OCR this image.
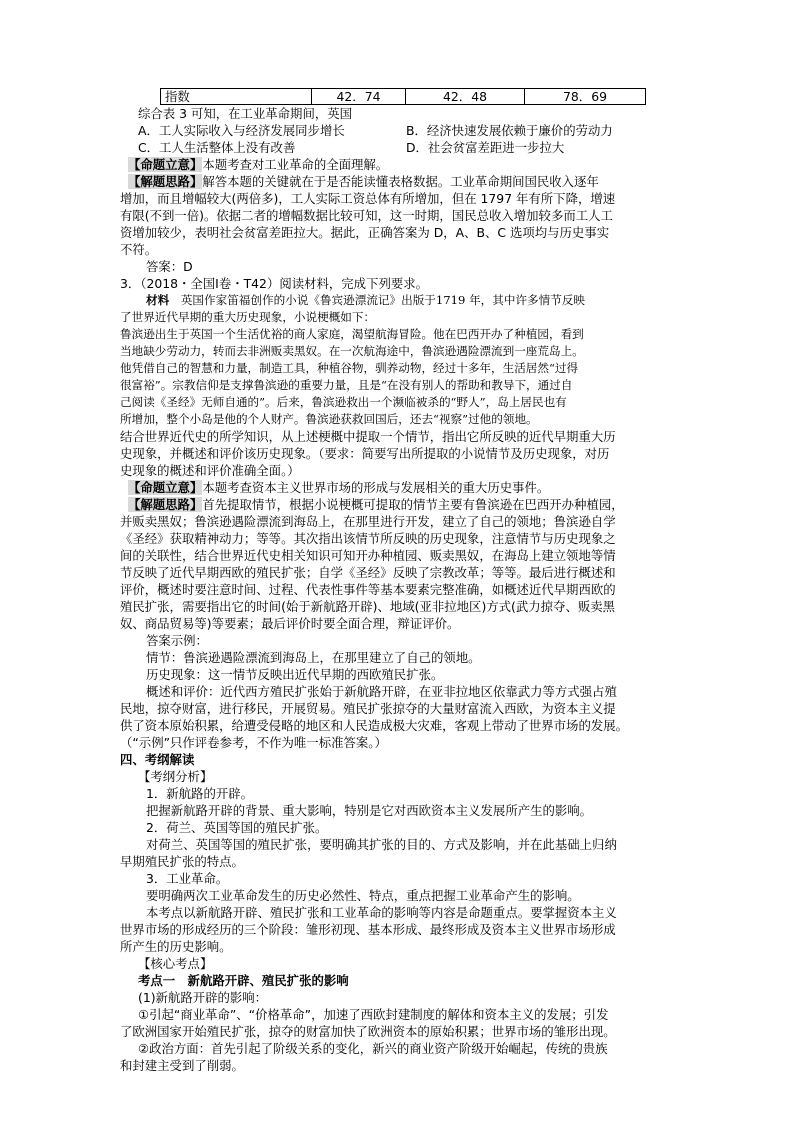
指数	42．74	42．48	78．69
综合表 3 可知，在工业革命期间，英国
A．工人实际收入与经济发展同步增长	B．经济快速发展依赖于廉价的劳动力
C．工人生活整体上没有改善	D．社会贫富差距进一步拉大
【命题立意】本题考查对工业革命的全面理解。
【解题思路】解答本题的关键就在于是否能读懂表格数据。工业革命期间国民收入逐年
增加，而且增幅较大(两倍多)，工人实际工资总体有所增加，但在 1797 年有所下降，增速
有限(不到一倍)。依据二者的增幅数据比较可知，这一时期，国民总收入增加较多而工人工
资增加较少，表明社会贫富差距拉大。据此，正确答案为 D，A、B、C 选项均与历史事实
不符。
答案：D
3．（2018・全国Ⅰ卷・T42）阅读材料，完成下列要求。
材料　 英国作家笛福创作的小说《鲁宾逊漂流记》出版于1719 年，其中许多情节反映
了世界近代早期的重大历史现象，小说梗概如下：
鲁滨逊出生于英国一个生活优裕的商人家庭，渴望航海冒险。他在巴西开办了种植园，看到
当地缺少劳动力，转而去非洲贩卖黑奴。在一次航海途中，鲁滨逊遇险漂流到一座荒岛上。
他凭借自己的智慧和力量，制造工具，种植谷物，驯养动物，经过十多年，生活居然“过得
很富裕”。宗教信仰是支撑鲁滨逊的重要力量，且是“在没有别人的帮助和教导下，通过自
己阅读《圣经》无师自通的”。后来，鲁滨逊救出一个濒临被杀的“野人”，岛上居民也有
所增加，整个小岛是他的个人财产。鲁滨逊获救回国后，还去“视察”过他的领地。
结合世界近代史的所学知识，从上述梗概中提取一个情节，指出它所反映的近代早期重大历
史现象，并概述和评价该历史现象。（要求：简要写出所提取的小说情节及历史现象，对历
史现象的概述和评价准确全面。）
【命题立意】本题考查资本主义世界市场的形成与发展相关的重大历史事件。
【解题思路】首先提取情节，根据小说梗概可提取的情节主要有鲁滨逊在巴西开办种植园，
并贩卖黑奴；鲁滨逊遇险漂流到海岛上，在那里进行开发，建立了自己的领地；鲁滨逊自学
《圣经》获取精神动力；等等。其次指出该情节所反映的历史现象，注意情节与历史现象之
间的关联性，结合世界近代史相关知识可知开办种植园、贩卖黑奴，在海岛上建立领地等情
节反映了近代早期西欧的殖民扩张；自学《圣经》反映了宗教改革；等等。最后进行概述和
评价，概述时要注意时间、过程、代表性事件等基本要素完整准确，如概述近代早期西欧的
殖民扩张，需要指出它的时间(始于新航路开辟)、地域(亚非拉地区)方式(武力掠夺、贩卖黑
奴、商品贸易等)等要素；最后评价时要全面合理，辩证评价。
答案示例：
情节：鲁滨逊遇险漂流到海岛上，在那里建立了自己的领地。
历史现象：这一情节反映出近代早期的西欧殖民扩张。
概述和评价：近代西方殖民扩张始于新航路开辟，在亚非拉地区依靠武力等方式强占殖
民地，掠夺财富，进行移民，开展贸易。殖民扩张掠夺的大量财富流入西欧，为资本主义提
供了资本原始积累，给遭受侵略的地区和人民造成极大灾难，客观上带动了世界市场的发展。
（“示例”只作评卷参考，不作为唯一标准答案。）
四、考纲解读
【考纲分析】
1．新航路的开辟。
把握新航路开辟的背景、重大影响，特别是它对西欧资本主义发展所产生的影响。
2．荷兰、英国等国的殖民扩张。
对荷兰、英国等国的殖民扩张，要明确其扩张的目的、方式及影响，并在此基础上归纳
早期殖民扩张的特点。
3．工业革命。
要明确两次工业革命发生的历史必然性、特点，重点把握工业革命产生的影响。
本考点以新航路开辟、殖民扩张和工业革命的影响等内容是命题重点。要掌握资本主义
世界市场的形成经历的三个阶段：雏形初现、基本形成、最终形成及资本主义世界市场形成
所产生的历史影响。
【核心考点】
考点一　新航路开辟、殖民扩张的影响
(1)新航路开辟的影响：
①引起“商业革命”、“价格革命”，加速了西欧封建制度的解体和资本主义的发展；引发
了欧洲国家开始殖民扩张，掠夺的财富加快了欧洲资本的原始积累；世界市场的雏形出现。
②政治方面：首先引起了阶级关系的变化，新兴的商业资产阶级开始崛起，传统的贵族
和封建主受到了削弱。
